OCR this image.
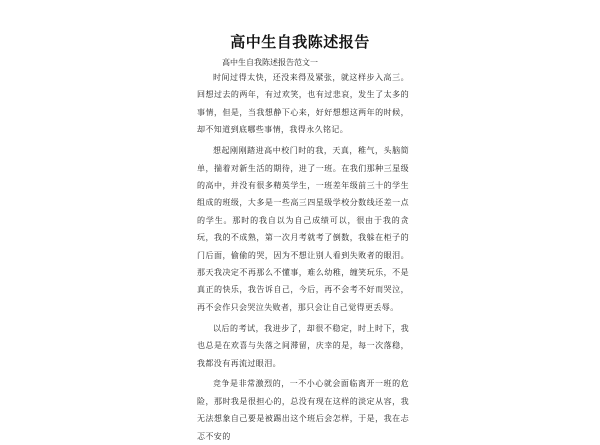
高中生自我陈述报告
高中生自我陈述报告范文一

时间过得太快，还没来得及紧张，就这样步入高三。回想过去的两年，有过欢笑，也有过悲哀，发生了太多的事情，但是，当我想静下心来，好好想想这两年的时候，却不知道到底哪些事情，我得永久铭记。

想起刚刚踏进高中校门时的我，天真，稚气，头脑简单，揣着对新生活的期待，进了一班。在我们那种三星级的高中，并没有很多精英学生，一班差年级前三十的学生组成的班级，大多是一些高三四星级学校分数线还差一点的学生。那时的我自以为自己成绩可以，很由于我的贪玩，我的不成熟，第一次月考就考了倒数，我躲在柜子的门后面，偷偷的哭，因为不想让别人看到失败者的眼泪。那天我决定不再那么不懂事，难么幼稚，缠笑玩乐，不是真正的快乐，我告诉自己，今后，再不会考不好而哭泣，再不会作只会哭泣失败者，那只会让自己觉得更丢辱。

以后的考试，我进步了，却很不稳定，时上时下，我也总是在欢喜与失落之间滞留，庆幸的是，每一次落稳，我都没有再流过眼泪。

竞争是非常激烈的，一不小心就会面临离开一班的危险，那时我是很担心的，总没有现在这样的淡定从容，我无法想象自己要是被踢出这个班后会怎样，于是，我在忐忑不安的
